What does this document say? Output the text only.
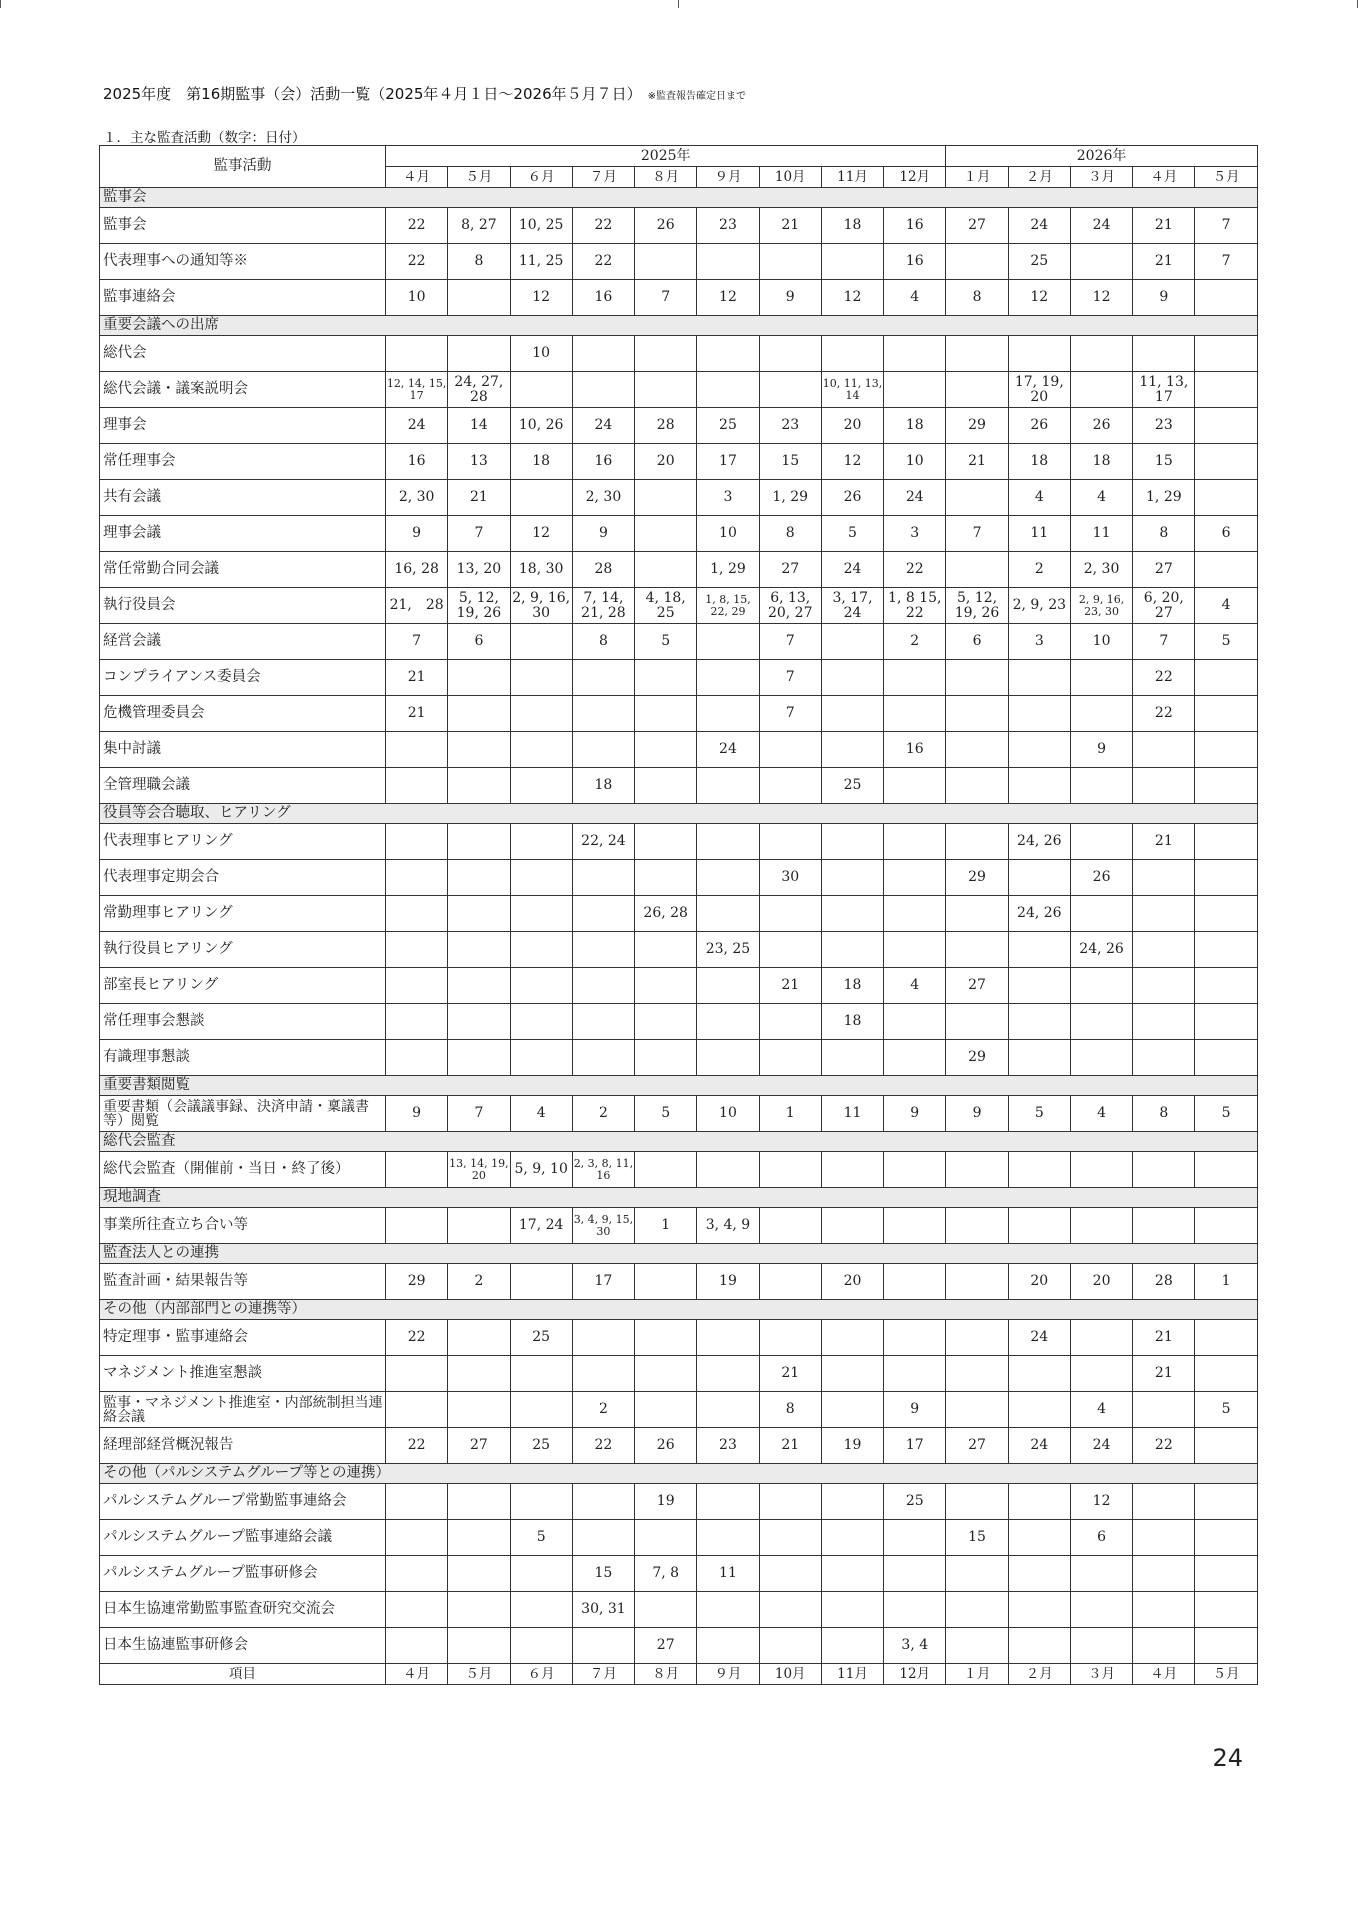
2025年度　第16期監事（会）活動一覧（2025年４月１日～2026年５月７日） ※監査報告確定日まで
１．主な監査活動（数字：日付）
監事活動	2025年									2026年				
	４月	５月	６月	７月	８月	９月	10月	11月	12月	１月	２月	３月	４月	５月
監事会														
監事会	22	8, 27	10, 25	22	26	23	21	18	16	27	24	24	21	7
代表理事への通知等※	22	8	11, 25	22					16		25		21	7
監事連絡会	10		12	16	7	12	9	12	4	8	12	12	9	
重要会議への出席														
総代会			10											
総代会議・議案説明会	12, 14, 15, 17	24, 27, 28						10, 11, 13, 14			17, 19, 20		11, 13, 17	
理事会	24	14	10, 26	24	28	25	23	20	18	29	26	26	23	
常任理事会	16	13	18	16	20	17	15	12	10	21	18	18	15	
共有会議	2, 30	21		2, 30		3	1, 29	26	24		4	4	1, 29	
理事会議	9	7	12	9		10	8	5	3	7	11	11	8	6
常任常勤合同会議	16, 28	13, 20	18, 30	28		1, 29	27	24	22		2	2, 30	27	
執行役員会	21,　28	5, 12, 19, 26	2, 9, 16, 30	7, 14, 21, 28	4, 18, 25	1, 8, 15, 22, 29	6, 13, 20, 27	3, 17, 24	1, 8 15, 22	5, 12, 19, 26	2, 9, 23	2, 9, 16, 23, 30	6, 20, 27	4
経営会議	7	6		8	5		7		2	6	3	10	7	5
コンプライアンス委員会	21						7						22	
危機管理委員会	21						7						22	
集中討議						24			16			9		
全管理職会議				18				25						
役員等会合聴取、ヒアリング														
代表理事ヒアリング				22, 24							24, 26		21	
代表理事定期会合							30			29		26		
常勤理事ヒアリング					26, 28						24, 26			
執行役員ヒアリング						23, 25						24, 26		
部室長ヒアリング							21	18	4	27				
常任理事会懇談								18						
有識理事懇談										29				
重要書類閲覧														
重要書類（会議議事録、決済申請・稟議書等）閲覧	9	7	4	2	5	10	1	11	9	9	5	4	8	5
総代会監査														
総代会監査（開催前・当日・終了後）		13, 14, 19, 20	5, 9, 10	2, 3, 8, 11, 16										
現地調査														
事業所往査立ち合い等			17, 24	3, 4, 9, 15, 30	1	3, 4, 9								
監査法人との連携														
監査計画・結果報告等	29	2		17		19		20			20	20	28	1
その他（内部部門との連携等）														
特定理事・監事連絡会	22		25								24		21	
マネジメント推進室懇談							21						21	
監事・マネジメント推進室・内部統制担当連絡会議				2			8		9			4		5
経理部経営概況報告	22	27	25	22	26	23	21	19	17	27	24	24	22	
その他（パルシステムグループ等との連携）														
パルシステムグループ常勤監事連絡会					19				25			12		
パルシステムグループ監事連絡会議			5							15		6		
パルシステムグループ監事研修会				15	7, 8	11								
日本生協連常勤監事監査研究交流会				30, 31										
日本生協連監事研修会					27				3, 4					
項目	４月	５月	６月	７月	８月	９月	10月	11月	12月	１月	２月	３月	４月	５月
24
